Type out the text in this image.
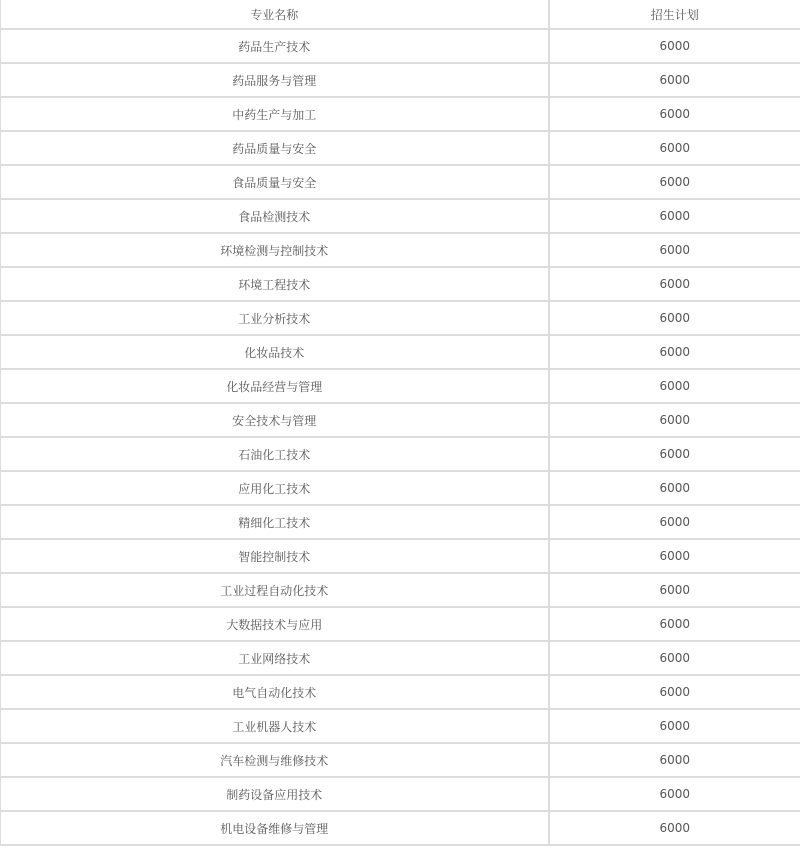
专业名称	招生计划
药品生产技术	6000
药品服务与管理	6000
中药生产与加工	6000
药品质量与安全	6000
食品质量与安全	6000
食品检测技术	6000
环境检测与控制技术	6000
环境工程技术	6000
工业分析技术	6000
化妆品技术	6000
化妆品经营与管理	6000
安全技术与管理	6000
石油化工技术	6000
应用化工技术	6000
精细化工技术	6000
智能控制技术	6000
工业过程自动化技术	6000
大数据技术与应用	6000
工业网络技术	6000
电气自动化技术	6000
工业机器人技术	6000
汽车检测与维修技术	6000
制药设备应用技术	6000
机电设备维修与管理	6000
